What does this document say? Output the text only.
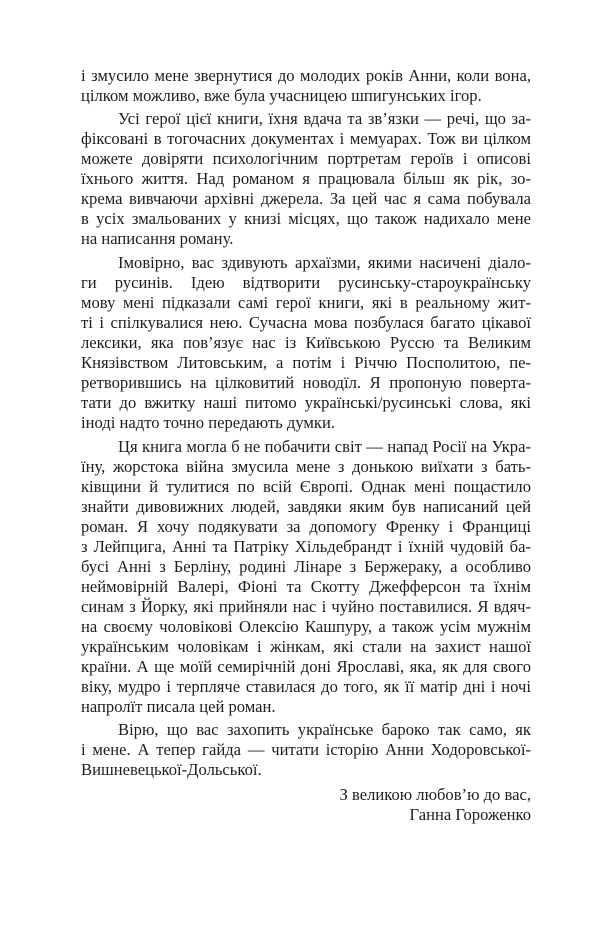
і змусило мене звернутися до молодих років Анни, коли вона,
цілком можливо, вже була учасницею шпигунських ігор.
Усі герої цієї книги, їхня вдача та зв’язки — речі, що за-
фіксовані в тогочасних документах і мемуарах. Тож ви цілком
можете довіряти психологічним портретам героїв і описові
їхнього життя. Над романом я працювала більш як рік, зо-
крема вивчаючи архівні джерела. За цей час я сама побувала
в усіх змальованих у книзі місцях, що також надихало мене
на написання роману.
Імовірно, вас здивують архаїзми, якими насичені діало-
ги русинів. Ідею відтворити русинську-староукраїнську
мову мені підказали самі герої книги, які в реальному жит-
ті і спілкувалися нею. Сучасна мова позбулася багато цікавої
лексики, яка пов’язує нас із Київською Руссю та Великим
Князівством Литовським, а потім і Річчю Посполитою, пе-
ретворившись на цілковитий новодїл. Я пропоную поверта-
тати до вжитку наші питомо українські/русинські слова, які
іноді надто точно передають думки.
Ця книга могла б не побачити світ — напад Росії на Укра-
їну, жорстока війна змусила мене з донькою виїхати з бать-
ківщини й тулитися по всій Європі. Однак мені пощастило
знайти дивовижних людей, завдяки яким був написаний цей
роман. Я хочу подякувати за допомогу Френку і Франциці
з Лейпцига, Анні та Патріку Хільдебрандт і їхній чудовій ба-
бусі Анні з Берліну, родині Лінаре з Бержераку, а особливо
неймовірній Валері, Фіоні та Скотту Джефферсон та їхнім
синам з Йорку, які прийняли нас і чуйно поставилися. Я вдяч-
на своєму чоловікові Олексію Кашпуру, а також усім мужнім
українським чоловікам і жінкам, які стали на захист нашої
країни. А ще моїй семирічній доні Ярославі, яка, як для свого
віку, мудро і терпляче ставилася до того, як її матір дні і ночі
напролїт писала цей роман.
Вірю, що вас захопить українське бароко так само, як
і мене. А тепер гайда — читати історію Анни Ходоровської-
Вишневецької-Дольської.
З великою любов’ю до вас,
Ганна Гороженко
